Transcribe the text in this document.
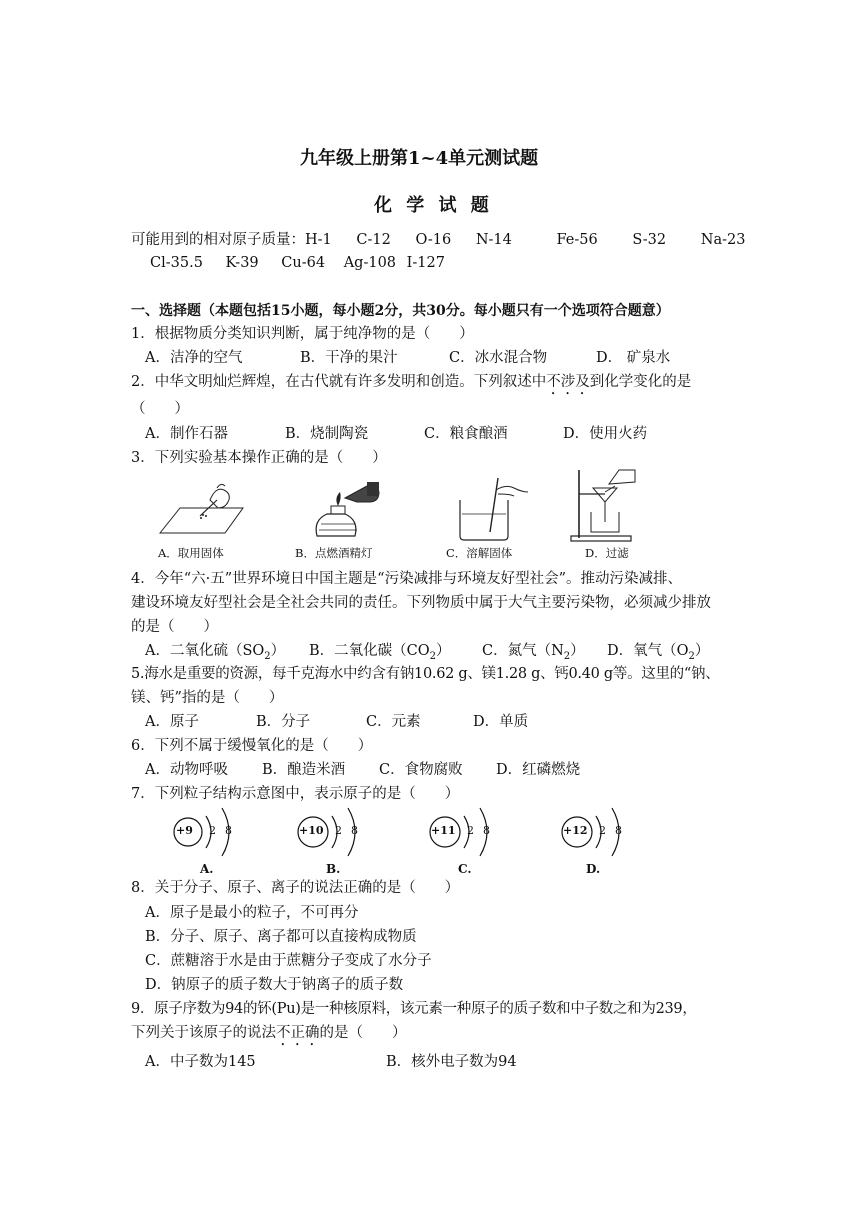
九年级上册第1~4单元测试题
化 学 试 题
可能用到的相对原子质量：H-1 C-12 O-16 N-14	Fe-56 S-32 Na-23
Cl-35.5 K-39 Cu-64 Ag-108 I-127
一、选择题（本题包括15小题，每小题2分，共30分。每小题只有一个选项符合题意）
1．根据物质分类知识判断，属于纯净物的是（　　）
A．洁净的空气	B．干净的果汁	C．冰水混合物	D． 矿泉水
2．中华文明灿烂辉煌，在古代就有许多发明和创造。下列叙述中不涉及到化学变化的是
（　　）
A．制作石器	B．烧制陶瓷	C．粮食酿酒	D．使用火药
3．下列实验基本操作正确的是（　　）
A．取用固体	B．点燃酒精灯	C．溶解固体	D．过滤
4．今年“六·五”世界环境日中国主题是“污染减排与环境友好型社会”。推动污染减排、
建设环境友好型社会是全社会共同的责任。下列物质中属于大气主要污染物，必须减少排放
的是（　　）
A．二氧化硫$(SO_2)$ B．二氧化碳$(CO_2)$ C．氮气$(N_2)$ D．氧气$(O_2)$
5.海水是重要的资源，每千克海水中约含有钠10.62 g、镁1.28 g、钙0.40 g等。这里的“钠、
镁、钙”指的是（　　）
A．原子	B．分子	C．元素	D．单质
6．下列不属于缓慢氧化的是（　　）
A．动物呼吸 B．酿造米酒 C．食物腐败 D．红磷燃烧
7．下列粒子结构示意图中，表示原子的是（　　）
+9 2 8
A.
+10 2 8
B.
+11 2 8
C.
+12 2 8
D.
8．关于分子、原子、离子的说法正确的是（　　）
A．原子是最小的粒子，不可再分
B．分子、原子、离子都可以直接构成物质
C．蔗糖溶于水是由于蔗糖分子变成了水分子
D．钠原子的质子数大于钠离子的质子数
9．原子序数为94的钚(Pu)是一种核原料，该元素一种原子的质子数和中子数之和为239，
下列关于该原子的说法不正确的是（　　）
A．中子数为145	B．核外电子数为94
